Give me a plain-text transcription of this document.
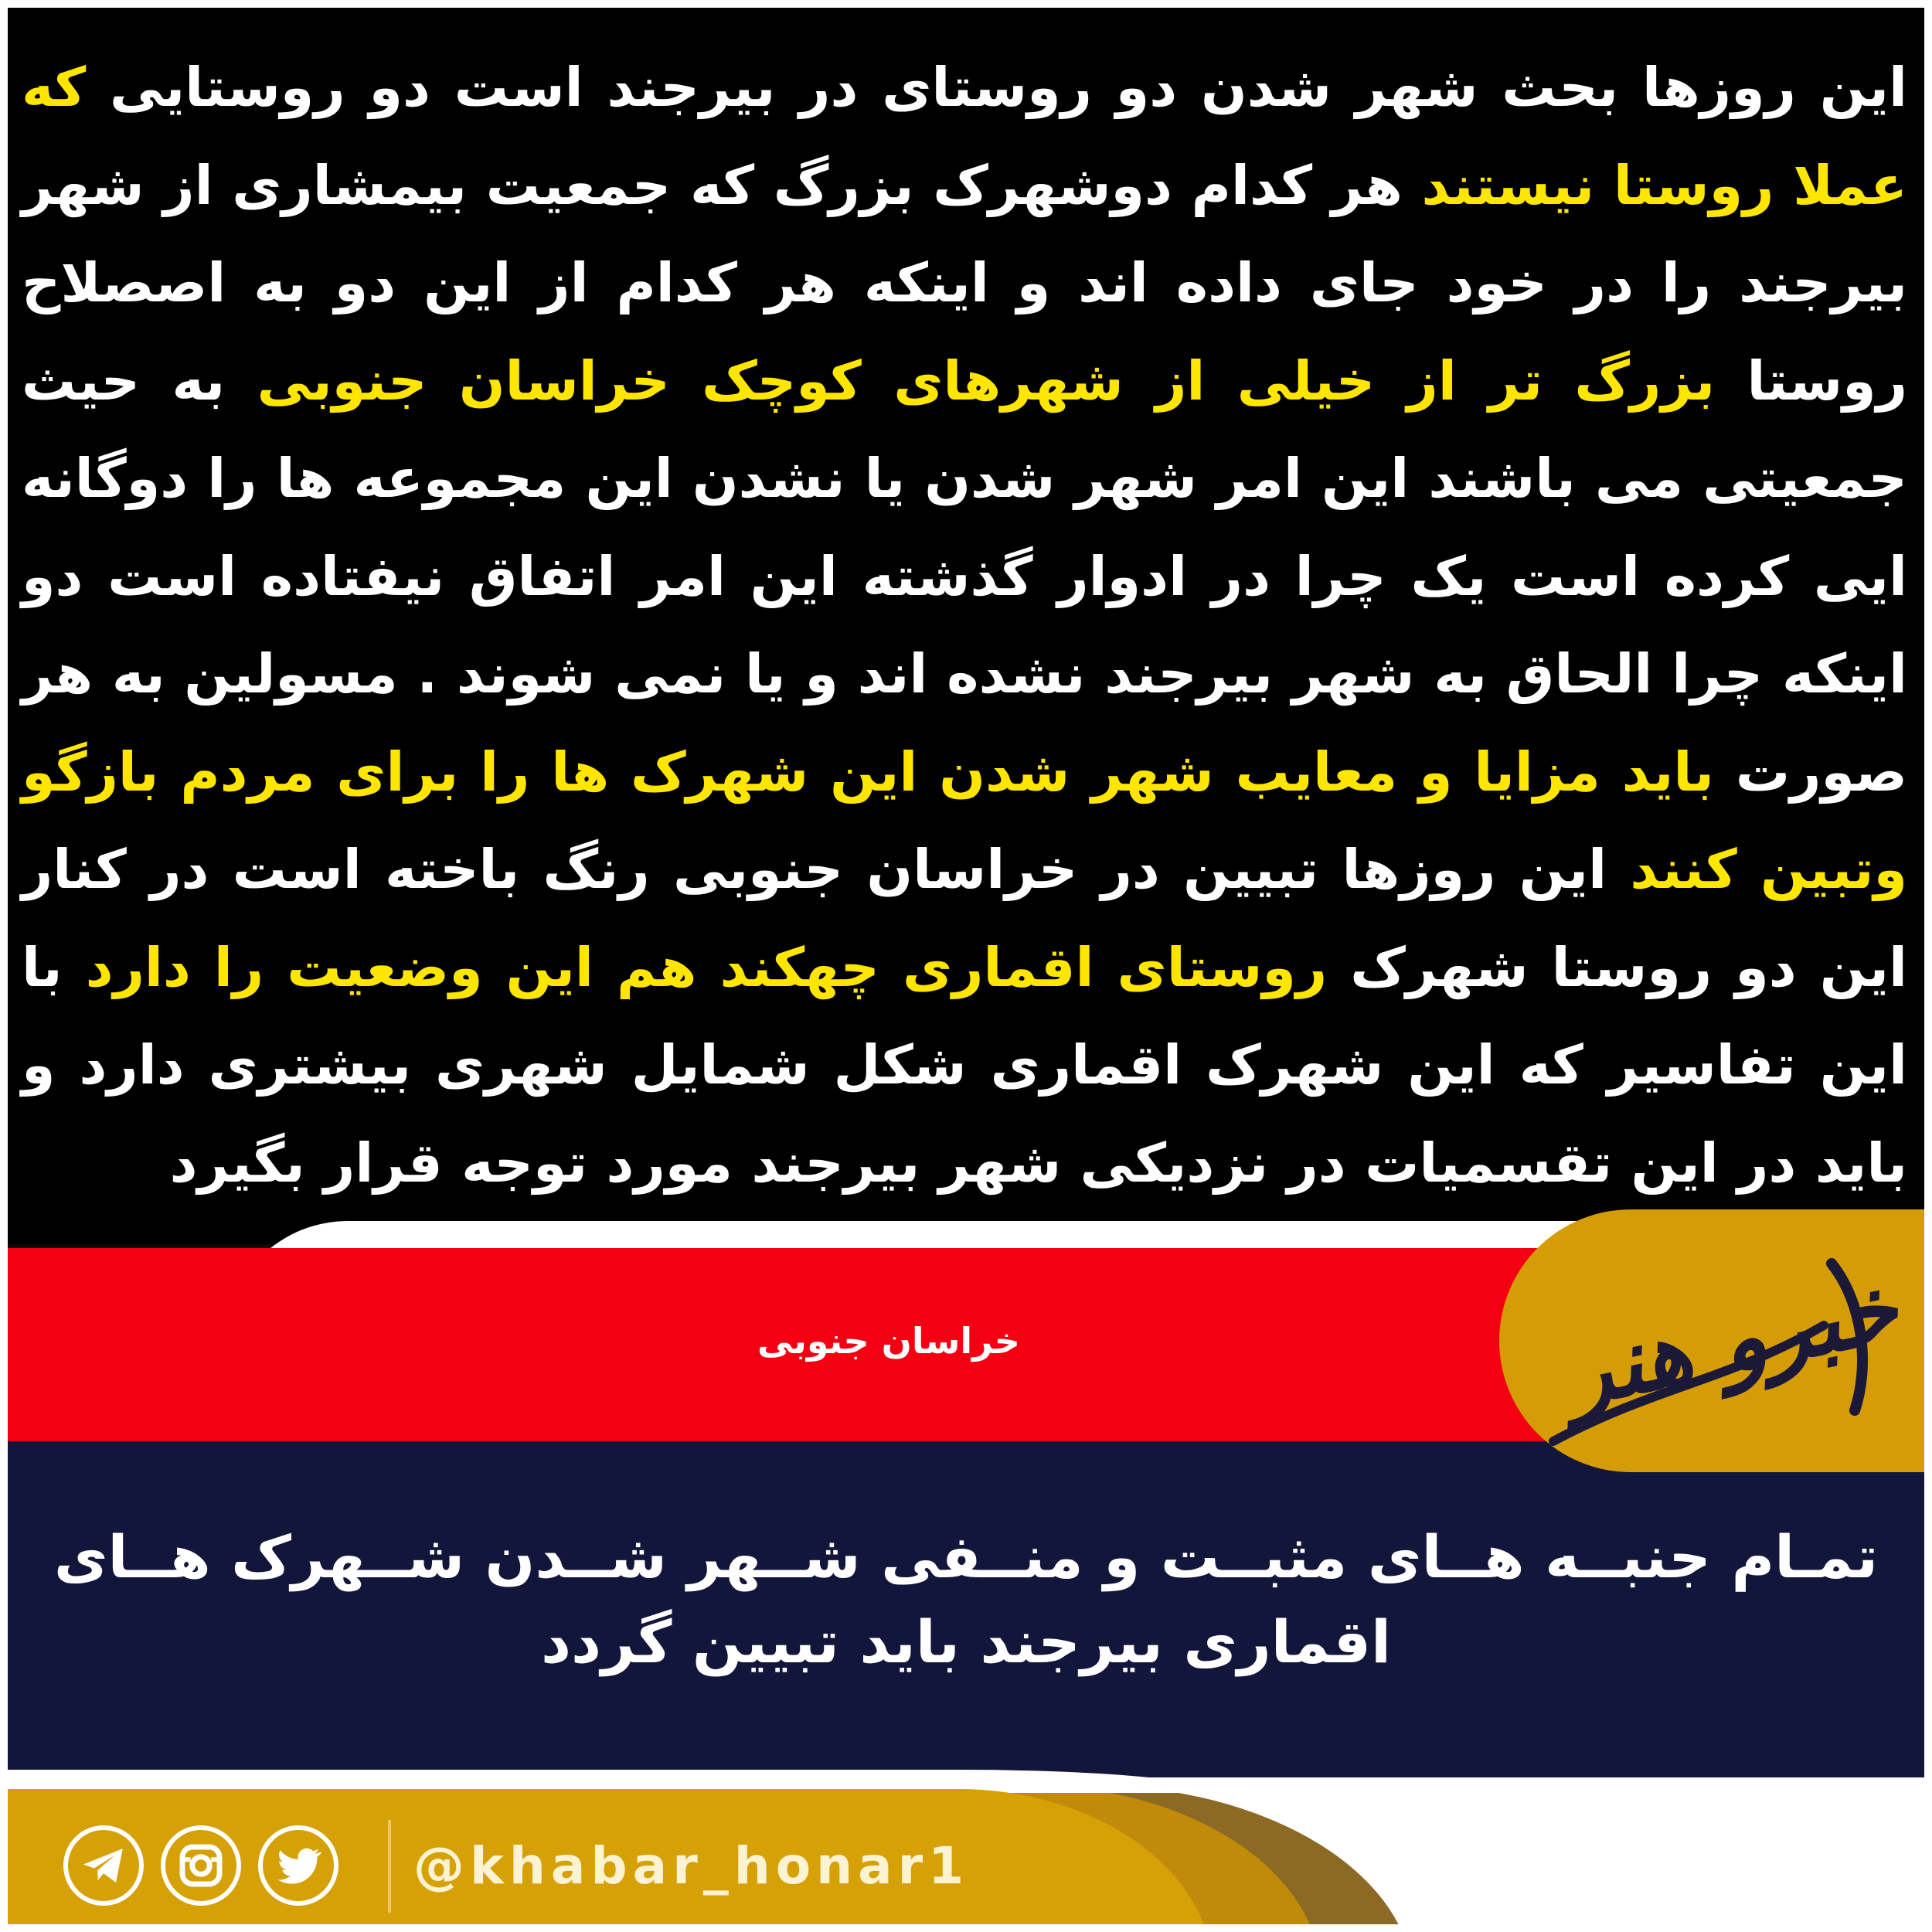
این روزها بحث شهر شدن دو روستای در بیرجند است دو روستایی که عملا روستا نیستند هر کدام دوشهرک بزرگ که جمعیت بیمشاری از شهر بیرجند را در خود جای داده اند و اینکه هر کدام از این دو به اصصلاح روستا بزرگ تر از خیلی از شهرهای کوچک خراسان جنوبی به حیث جمعیتی می باشند این امر شهر شدن یا نشدن این مجموعه ها را دوگانه ایی کرده است یک چرا در ادوار گذشته این امر اتفاق نیفتاده است دو اینکه چرا الحاق به شهر بیرجند نشده اند و یا نمی شوند . مسولین به هر صورت باید مزایا و معایب شهر شدن این شهرک ها را برای مردم بازگو وتبین کنند این روزها تبیین در خراسان جنوبی رنگ باخته است در کنار این دو روستا شهرک روستای اقماری چهکند هم این وضعیت را دارد با این تفاسیر که این شهرک اقماری شکل شمایل شهری بیشتری دارد و باید در این تقسمیات در نزدیکی شهر بیرجند مورد توجه قرار بگیرد
خراسان جنوبی
تمـام جنبــه هــای مثبــت و منــفی شــهر شــدن شــهرک هــای
اقماری بیرجند باید تبیین گردد
@khabar_honar1
خبرو هنر
